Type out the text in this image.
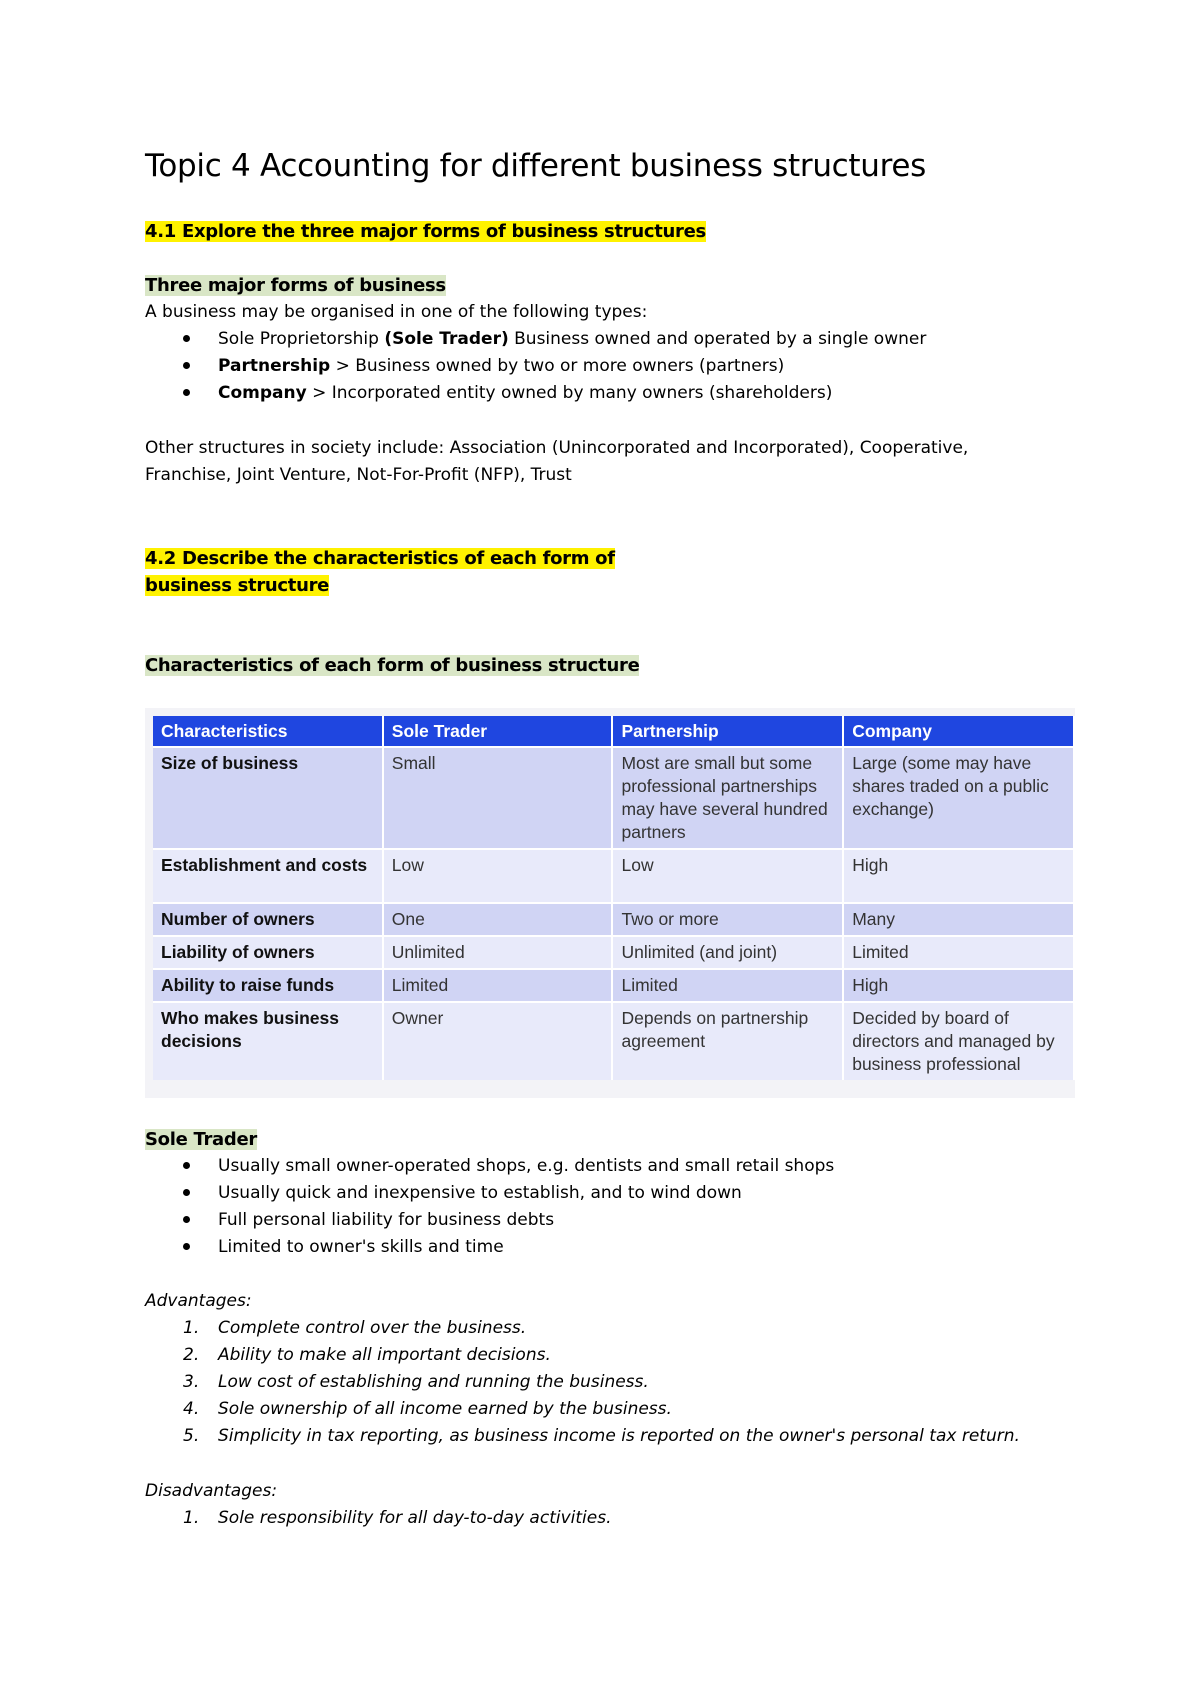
Topic 4 Accounting for different business structures
4.1 Explore the three major forms of business structures
Three major forms of business
A business may be organised in one of the following types:
Sole Proprietorship (Sole Trader) Business owned and operated by a single owner
Partnership > Business owned by two or more owners (partners)
Company > Incorporated entity owned by many owners (shareholders)
Other structures in society include: Association (Unincorporated and Incorporated), Cooperative,
Franchise, Joint Venture, Not-For-Profit (NFP), Trust
4.2 Describe the characteristics of each form of
business structure
Characteristics of each form of business structure
Characteristics	Sole Trader	Partnership	Company
Size of business	Small	Most are small but some professional partnerships may have several hundred partners	Large (some may have shares traded on a public exchange)
Establishment and costs	Low	Low	High
Number of owners	One	Two or more	Many
Liability of owners	Unlimited	Unlimited (and joint)	Limited
Ability to raise funds	Limited	Limited	High
Who makes business decisions	Owner	Depends on partnership agreement	Decided by board of directors and managed by business professional
Sole Trader
Usually small owner-operated shops, e.g. dentists and small retail shops
Usually quick and inexpensive to establish, and to wind down
Full personal liability for business debts
Limited to owner's skills and time
Advantages:
1. Complete control over the business.
2. Ability to make all important decisions.
3. Low cost of establishing and running the business.
4. Sole ownership of all income earned by the business.
5. Simplicity in tax reporting, as business income is reported on the owner's personal tax return.
Disadvantages:
1. Sole responsibility for all day-to-day activities.
